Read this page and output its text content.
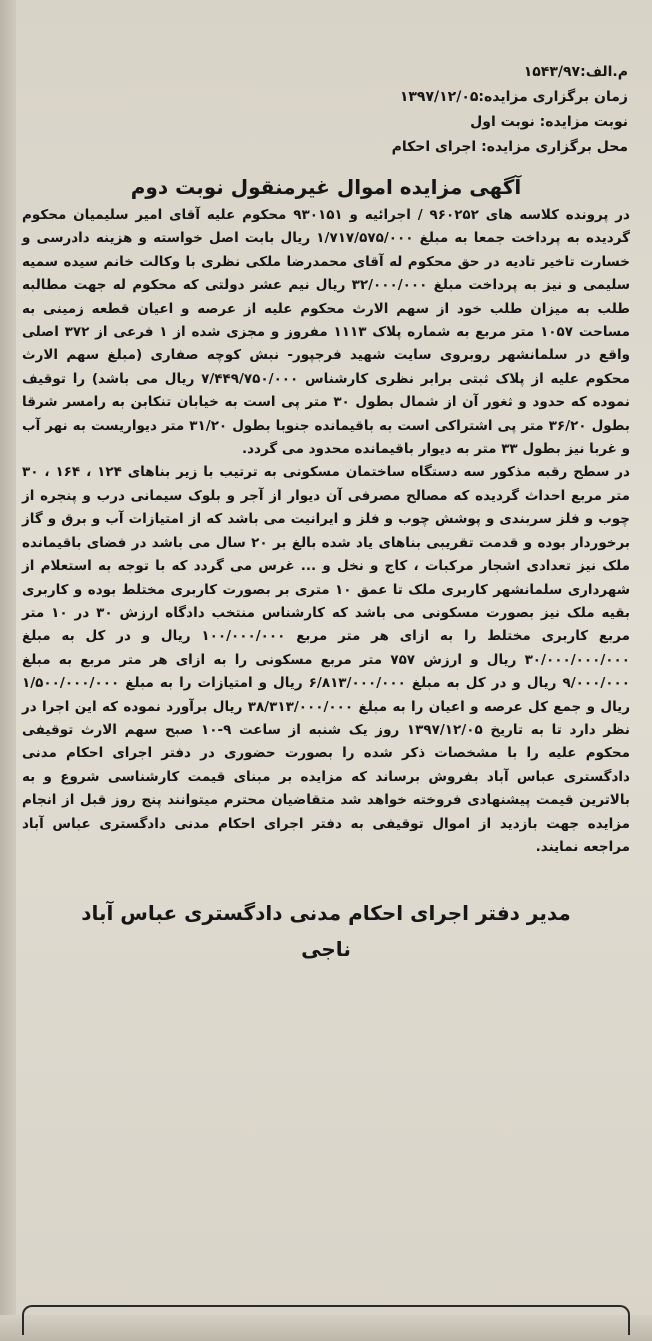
م.الف:۱۵۴۳/۹۷
زمان برگزاری مزایده:۱۳۹۷/۱۲/۰۵
نوبت مزایده: نوبت اول
محل برگزاری مزایده: اجرای احکام
آگهی مزایده اموال غیرمنقول نوبت دوم

در پرونده کلاسه های ۹۶۰۲۵۲ / اجرائیه و ۹۳۰۱۵۱ محکوم علیه آقای امیر سلیمیان محکوم گردیده به پرداخت جمعا به مبلغ ۱/۷۱۷/۵۷۵/۰۰۰ ریال بابت اصل خواسته و هزینه دادرسی و خسارت تاخیر تادیه در حق محکوم له آقای محمدرضا ملکی نظری با وکالت خانم سیده سمیه سلیمی و نیز به پرداخت مبلغ ۳۲/۰۰۰/۰۰۰ ریال نیم عشر دولتی که محکوم له جهت مطالبه طلب به میزان طلب خود از سهم الارث محکوم علیه از عرصه و اعیان قطعه زمینی به مساحت ۱۰۵۷ متر مربع به شماره پلاک ۱۱۱۳ مفروز و مجزی شده از ۱ فرعی از ۳۷۲ اصلی واقع در سلمانشهر روبروی سایت شهید فرجپور- نبش کوچه صفاری (مبلغ سهم الارث محکوم علیه از پلاک ثبتی برابر نظری کارشناس ۷/۴۴۹/۷۵۰/۰۰۰ ریال می باشد) را توقیف نموده که حدود و ثغور آن از شمال بطول ۳۰ متر پی است به خیابان تنکابن به رامسر شرقا بطول ۳۶/۲۰ متر پی اشتراکی است به باقیمانده جنوبا بطول ۳۱/۲۰ متر دیواریست به نهر آب و غربا نیز بطول ۳۳ متر به دیوار باقیمانده محدود می گردد.

در سطح رقبه مذکور سه دستگاه ساختمان مسکونی به ترتیب با زیر بناهای ۱۲۴ ، ۱۶۴ ، ۳۰ متر مربع احداث گردیده که مصالح مصرفی آن دیوار از آجر و بلوک سیمانی درب و پنجره از چوب و فلز سربندی و پوشش چوب و فلز و ایرانیت می باشد که از امتیازات آب و برق و گاز برخوردار بوده و قدمت تقریبی بناهای یاد شده بالغ بر ۲۰ سال می باشد در فضای باقیمانده ملک نیز تعدادی اشجار مرکبات ، کاج و نخل و ... غرس می گردد که با توجه به استعلام از شهرداری سلمانشهر کاربری ملک تا عمق ۱۰ متری بر بصورت کاربری مختلط بوده و کاربری بقیه ملک نیز بصورت مسکونی می باشد که کارشناس منتخب دادگاه ارزش ۳۰ در ۱۰ متر مربع کاربری مختلط را به ازای هر متر مربع ۱۰۰/۰۰۰/۰۰۰ ریال و در کل به مبلغ ۳۰/۰۰۰/۰۰۰/۰۰۰ ریال و ارزش ۷۵۷ متر مربع مسکونی را به ازای هر متر مربع به مبلغ ۹/۰۰۰/۰۰۰ ریال و در کل به مبلغ ۶/۸۱۳/۰۰۰/۰۰۰ ریال و امتیازات را به مبلغ ۱/۵۰۰/۰۰۰/۰۰۰ ریال و جمع کل عرصه و اعیان را به مبلغ ۳۸/۳۱۳/۰۰۰/۰۰۰ ریال برآورد نموده که این اجرا در نظر دارد تا به تاریخ ۱۳۹۷/۱۲/۰۵ روز یک شنبه از ساعت ۹-۱۰ صبح سهم الارث توقیفی محکوم علیه را با مشخصات ذکر شده را بصورت حضوری در دفتر اجرای احکام مدنی دادگستری عباس آباد بفروش برساند که مزایده بر مبنای قیمت کارشناسی شروع و به بالاترین قیمت پیشنهادی فروخته خواهد شد متقاضیان محترم میتوانند پنج روز قبل از انجام مزایده جهت بازدید از اموال توقیفی به دفتر اجرای احکام مدنی دادگستری عباس آباد مراجعه نمایند.

مدیر دفتر اجرای احکام مدنی دادگستری عباس آباد
ناجی
